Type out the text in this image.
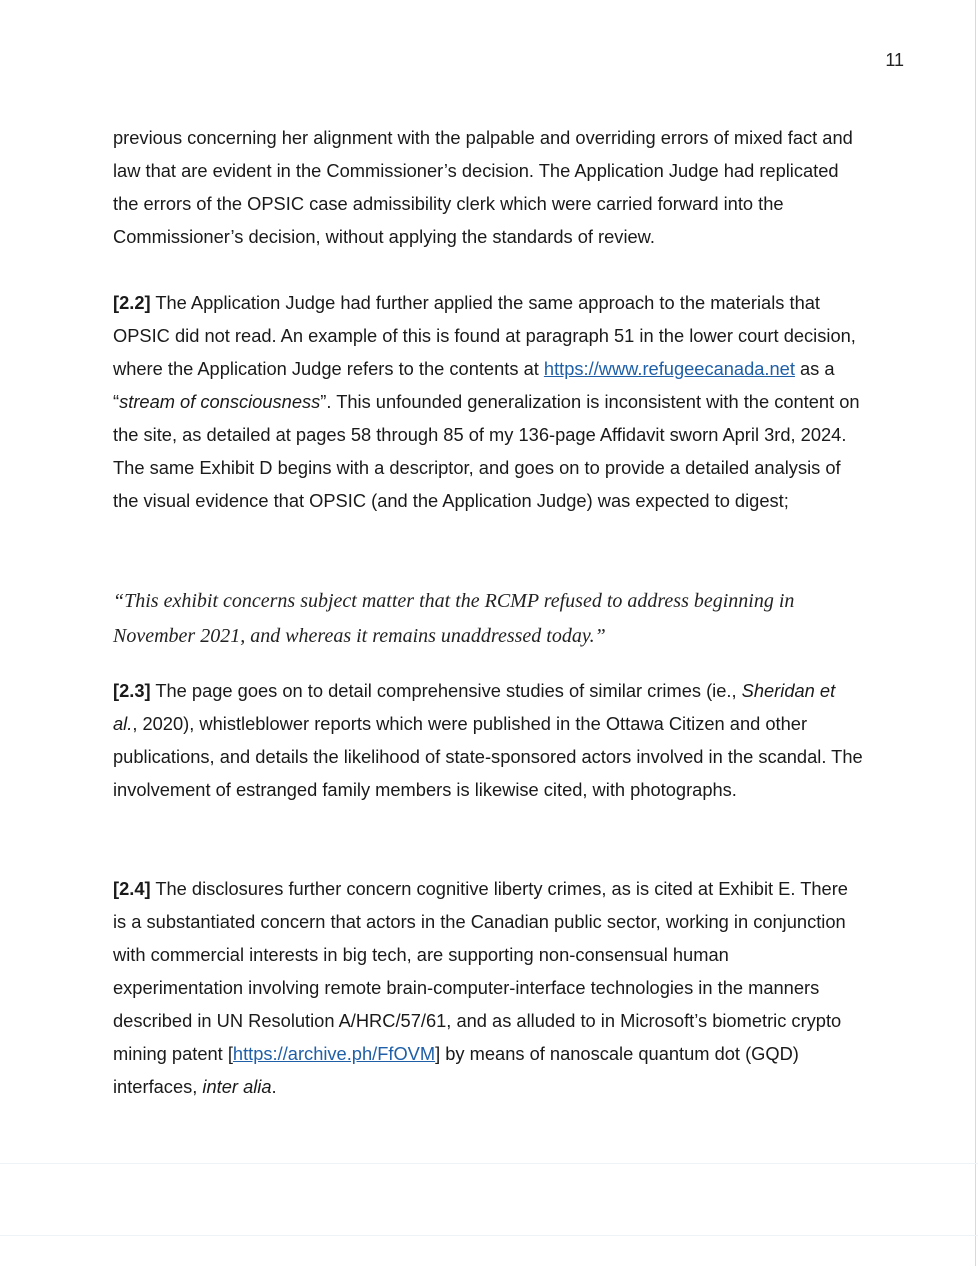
11

previous concerning her alignment with the palpable and overriding errors of mixed fact and law that are evident in the Commissioner’s decision. The Application Judge had replicated the errors of the OPSIC case admissibility clerk which were carried forward into the Commissioner’s decision, without applying the standards of review.

[2.2] The Application Judge had further applied the same approach to the materials that OPSIC did not read. An example of this is found at paragraph 51 in the lower court decision, where the Application Judge refers to the contents at https://www.refugeecanada.net as a “stream of consciousness”. This unfounded generalization is inconsistent with the content on the site, as detailed at pages 58 through 85 of my 136-page Affidavit sworn April 3rd, 2024. The same Exhibit D begins with a descriptor, and goes on to provide a detailed analysis of the visual evidence that OPSIC (and the Application Judge) was expected to digest;

“This exhibit concerns subject matter that the RCMP refused to address beginning in November 2021, and whereas it remains unaddressed today.”

[2.3] The page goes on to detail comprehensive studies of similar crimes (ie., Sheridan et al., 2020), whistleblower reports which were published in the Ottawa Citizen and other publications, and details the likelihood of state-sponsored actors involved in the scandal. The involvement of estranged family members is likewise cited, with photographs.

[2.4] The disclosures further concern cognitive liberty crimes, as is cited at Exhibit E. There is a substantiated concern that actors in the Canadian public sector, working in conjunction with commercial interests in big tech, are supporting non-consensual human experimentation involving remote brain-computer-interface technologies in the manners described in UN Resolution A/HRC/57/61, and as alluded to in Microsoft’s biometric crypto mining patent [https://archive.ph/FfOVM] by means of nanoscale quantum dot (GQD) interfaces, inter alia.
